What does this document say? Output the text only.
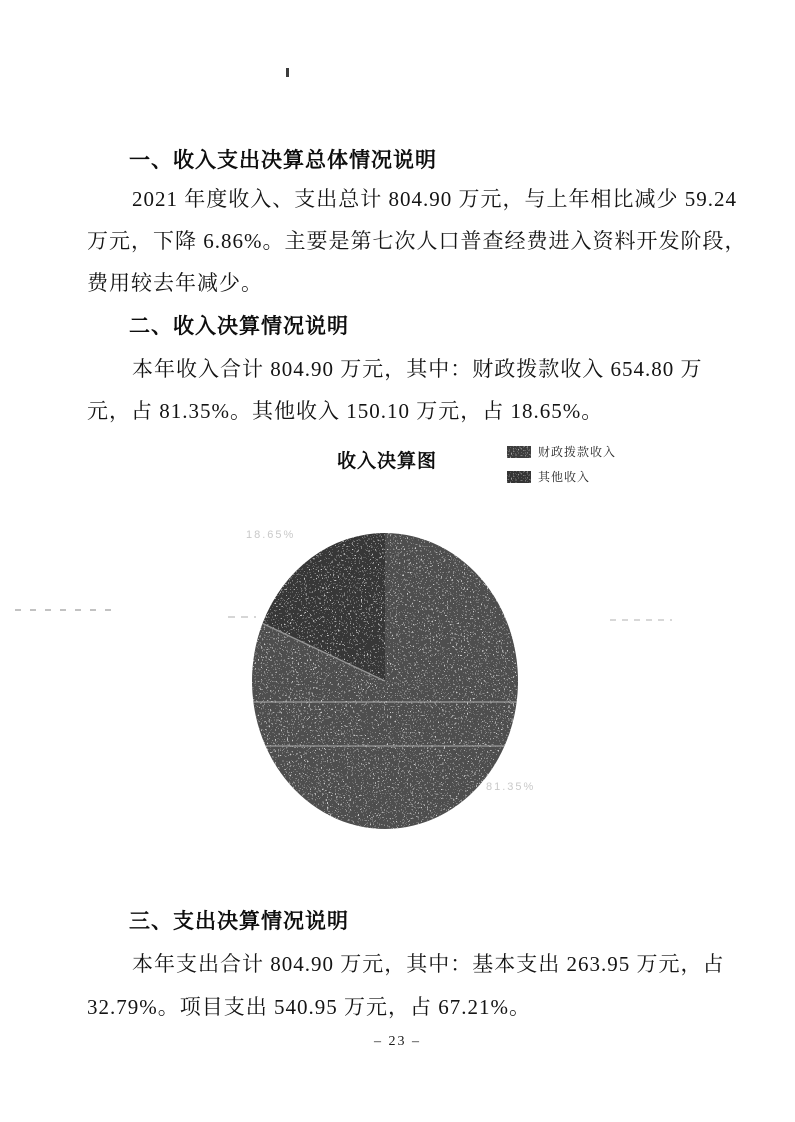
一、收入支出决算总体情况说明
2021 年度收入、支出总计 804.90 万元，与上年相比减少 59.24
万元，下降 6.86%。主要是第七次人口普查经费进入资料开发阶段，
费用较去年减少。
二、收入决算情况说明
本年收入合计 804.90 万元，其中：财政拨款收入 654.80 万
元，占 81.35%。其他收入 150.10 万元，占 18.65%。
收入决算图	财政拨款收入
其他收入
18.65%
81.35%
三、支出决算情况说明
本年支出合计 804.90 万元，其中：基本支出 263.95 万元，占
32.79%。项目支出 540.95 万元，占 67.21%。
– 23 –
